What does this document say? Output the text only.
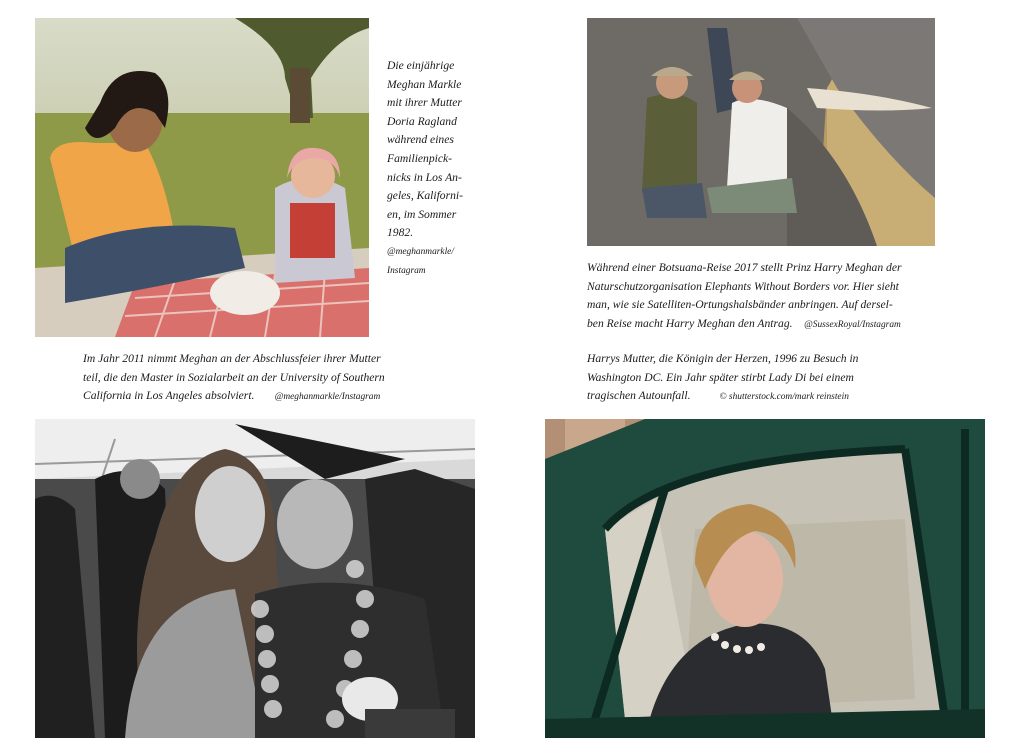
Die einjährige
Meghan Markle
mit ihrer Mutter
Doria Ragland
während eines
Familienpick-
nicks in Los An-
geles, Kaliforni-
en, im Sommer
1982.
@meghanmarkle/
Instagram	Während einer Botsuana-Reise 2017 stellt Prinz Harry Meghan der
Naturschutzorganisation Elephants Without Borders vor. Hier sieht
man, wie sie Satelliten-Ortungshalsbänder anbringen. Auf dersel-
ben Reise macht Harry Meghan den Antrag. @SussexRoyal/Instagram

Im Jahr 2011 nimmt Meghan an der Abschlussfeier ihrer Mutter
teil, die den Master in Sozialarbeit an der University of Southern
California in Los Angeles absolviert. @meghanmarkle/Instagram

Harrys Mutter, die Königin der Herzen, 1996 zu Besuch in
Washington DC. Ein Jahr später stirbt Lady Di bei einem
tragischen Autounfall.	© shutterstock.com/mark reinstein
